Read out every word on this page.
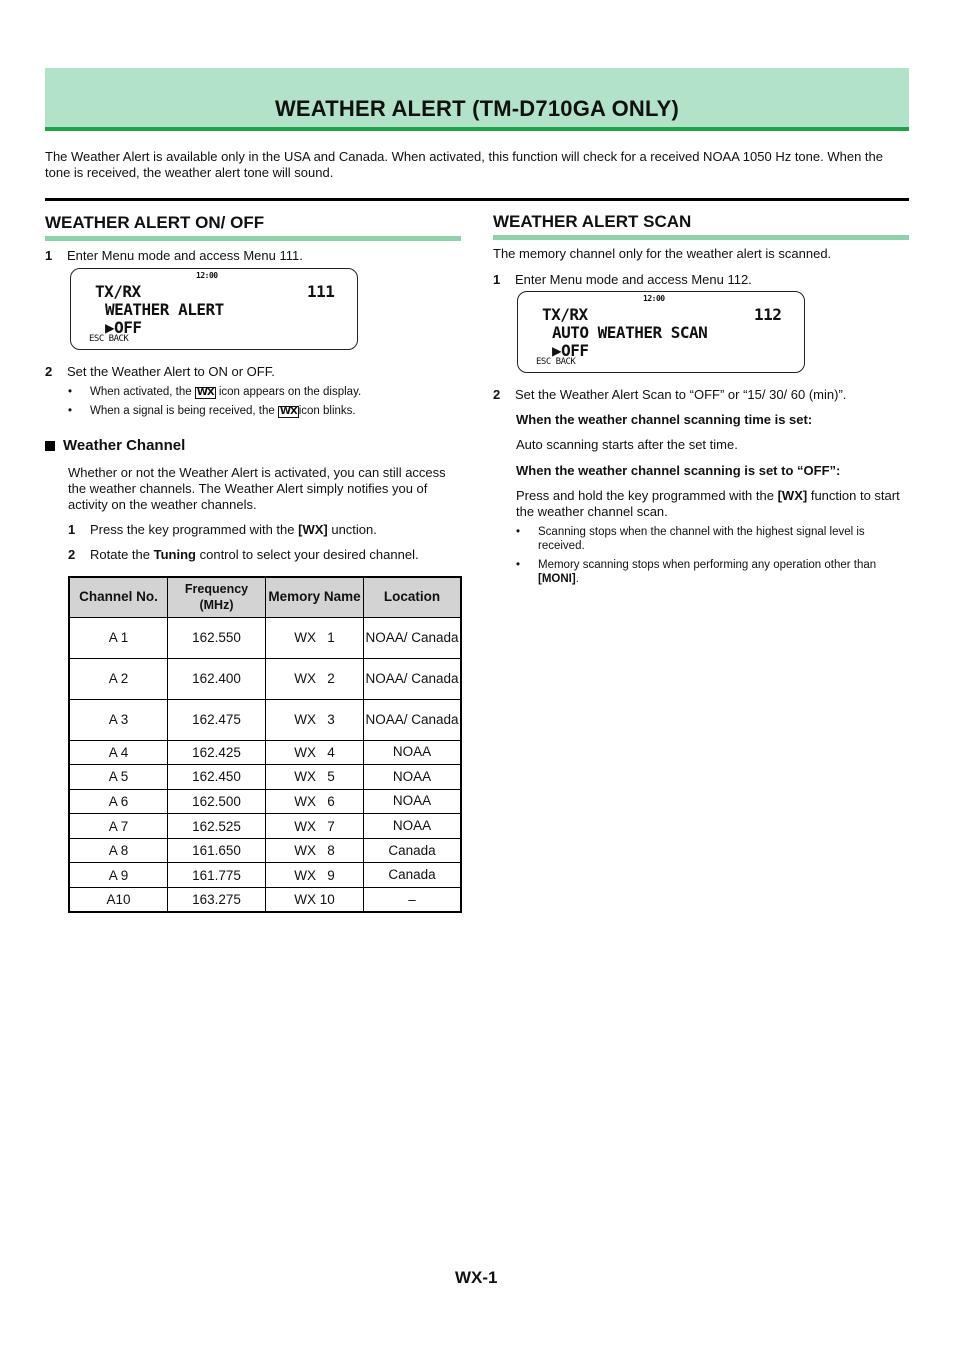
WEATHER ALERT (TM-D710GA ONLY)
The Weather Alert is available only in the USA and Canada. When activated, this function will check for a received NOAA 1050 Hz tone. When the tone is received, the weather alert tone will sound.
WEATHER ALERT ON/ OFF
1 Enter Menu mode and access Menu 111.
12:00
TX/RX	111
WEATHER ALERT
▶OFF
ESC BACK
2 Set the Weather Alert to ON or OFF.
• When activated, the WX icon appears on the display.
• When a signal is being received, the WX icon blinks.
Weather Channel
Whether or not the Weather Alert is activated, you can still access the weather channels. The Weather Alert simply notifies you of activity on the weather channels.
1 Press the key programmed with the [WX] unction.
2 Rotate the Tuning control to select your desired channel.
Channel No.	Frequency (MHz)	Memory Name	Location
A 1	162.550	WX   1	NOAA/ Canada
A 2	162.400	WX   2	NOAA/ Canada
A 3	162.475	WX   3	NOAA/ Canada
A 4	162.425	WX   4	NOAA
A 5	162.450	WX   5	NOAA
A 6	162.500	WX   6	NOAA
A 7	162.525	WX   7	NOAA
A 8	161.650	WX   8	Canada
A 9	161.775	WX   9	Canada
A10	163.275	WX 10	–
WEATHER ALERT SCAN
The memory channel only for the weather alert is scanned.
1 Enter Menu mode and access Menu 112.
12:00
TX/RX	112
AUTO WEATHER SCAN
▶OFF
ESC BACK
2 Set the Weather Alert Scan to “OFF” or “15/ 30/ 60 (min)”.
When the weather channel scanning time is set:
Auto scanning starts after the set time.
When the weather channel scanning is set to “OFF”:
Press and hold the key programmed with the [WX] function to start the weather channel scan.
•	Scanning stops when the channel with the highest signal level is received.
•	Memory scanning stops when performing any operation other than [MONI].
WX-1
